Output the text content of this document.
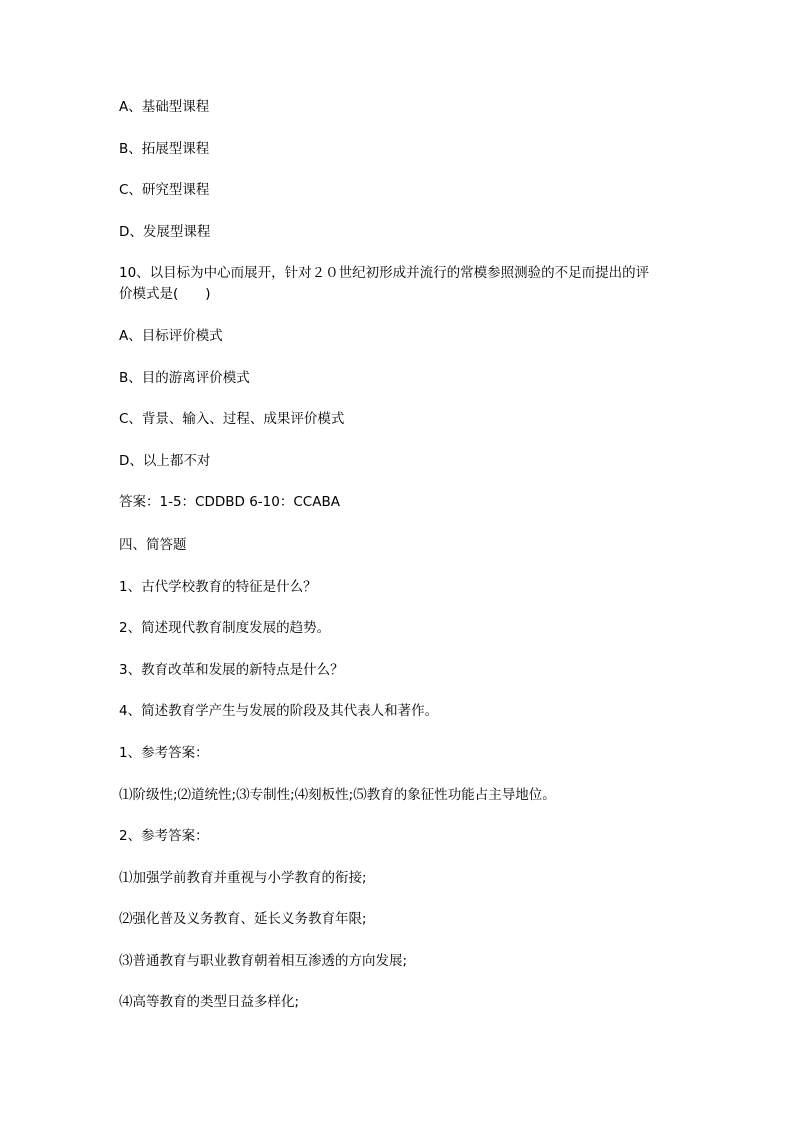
A、基础型课程
B、拓展型课程
C、研究型课程
D、发展型课程
10、以目标为中心而展开，针对２０世纪初形成并流行的常模参照测验的不足而提出的评
价模式是(　　)
A、目标评价模式
B、目的游离评价模式
C、背景、输入、过程、成果评价模式
D、以上都不对
答案：1-5：CDDBD 6-10：CCABA
四、简答题
1、古代学校教育的特征是什么？
2、简述现代教育制度发展的趋势。
3、教育改革和发展的新特点是什么？
4、简述教育学产生与发展的阶段及其代表人和著作。
1、参考答案：
⑴阶级性;⑵道统性;⑶专制性;⑷刻板性;⑸教育的象征性功能占主导地位。
2、参考答案：
⑴加强学前教育并重视与小学教育的衔接;
⑵强化普及义务教育、延长义务教育年限;
⑶普通教育与职业教育朝着相互渗透的方向发展;
⑷高等教育的类型日益多样化;
